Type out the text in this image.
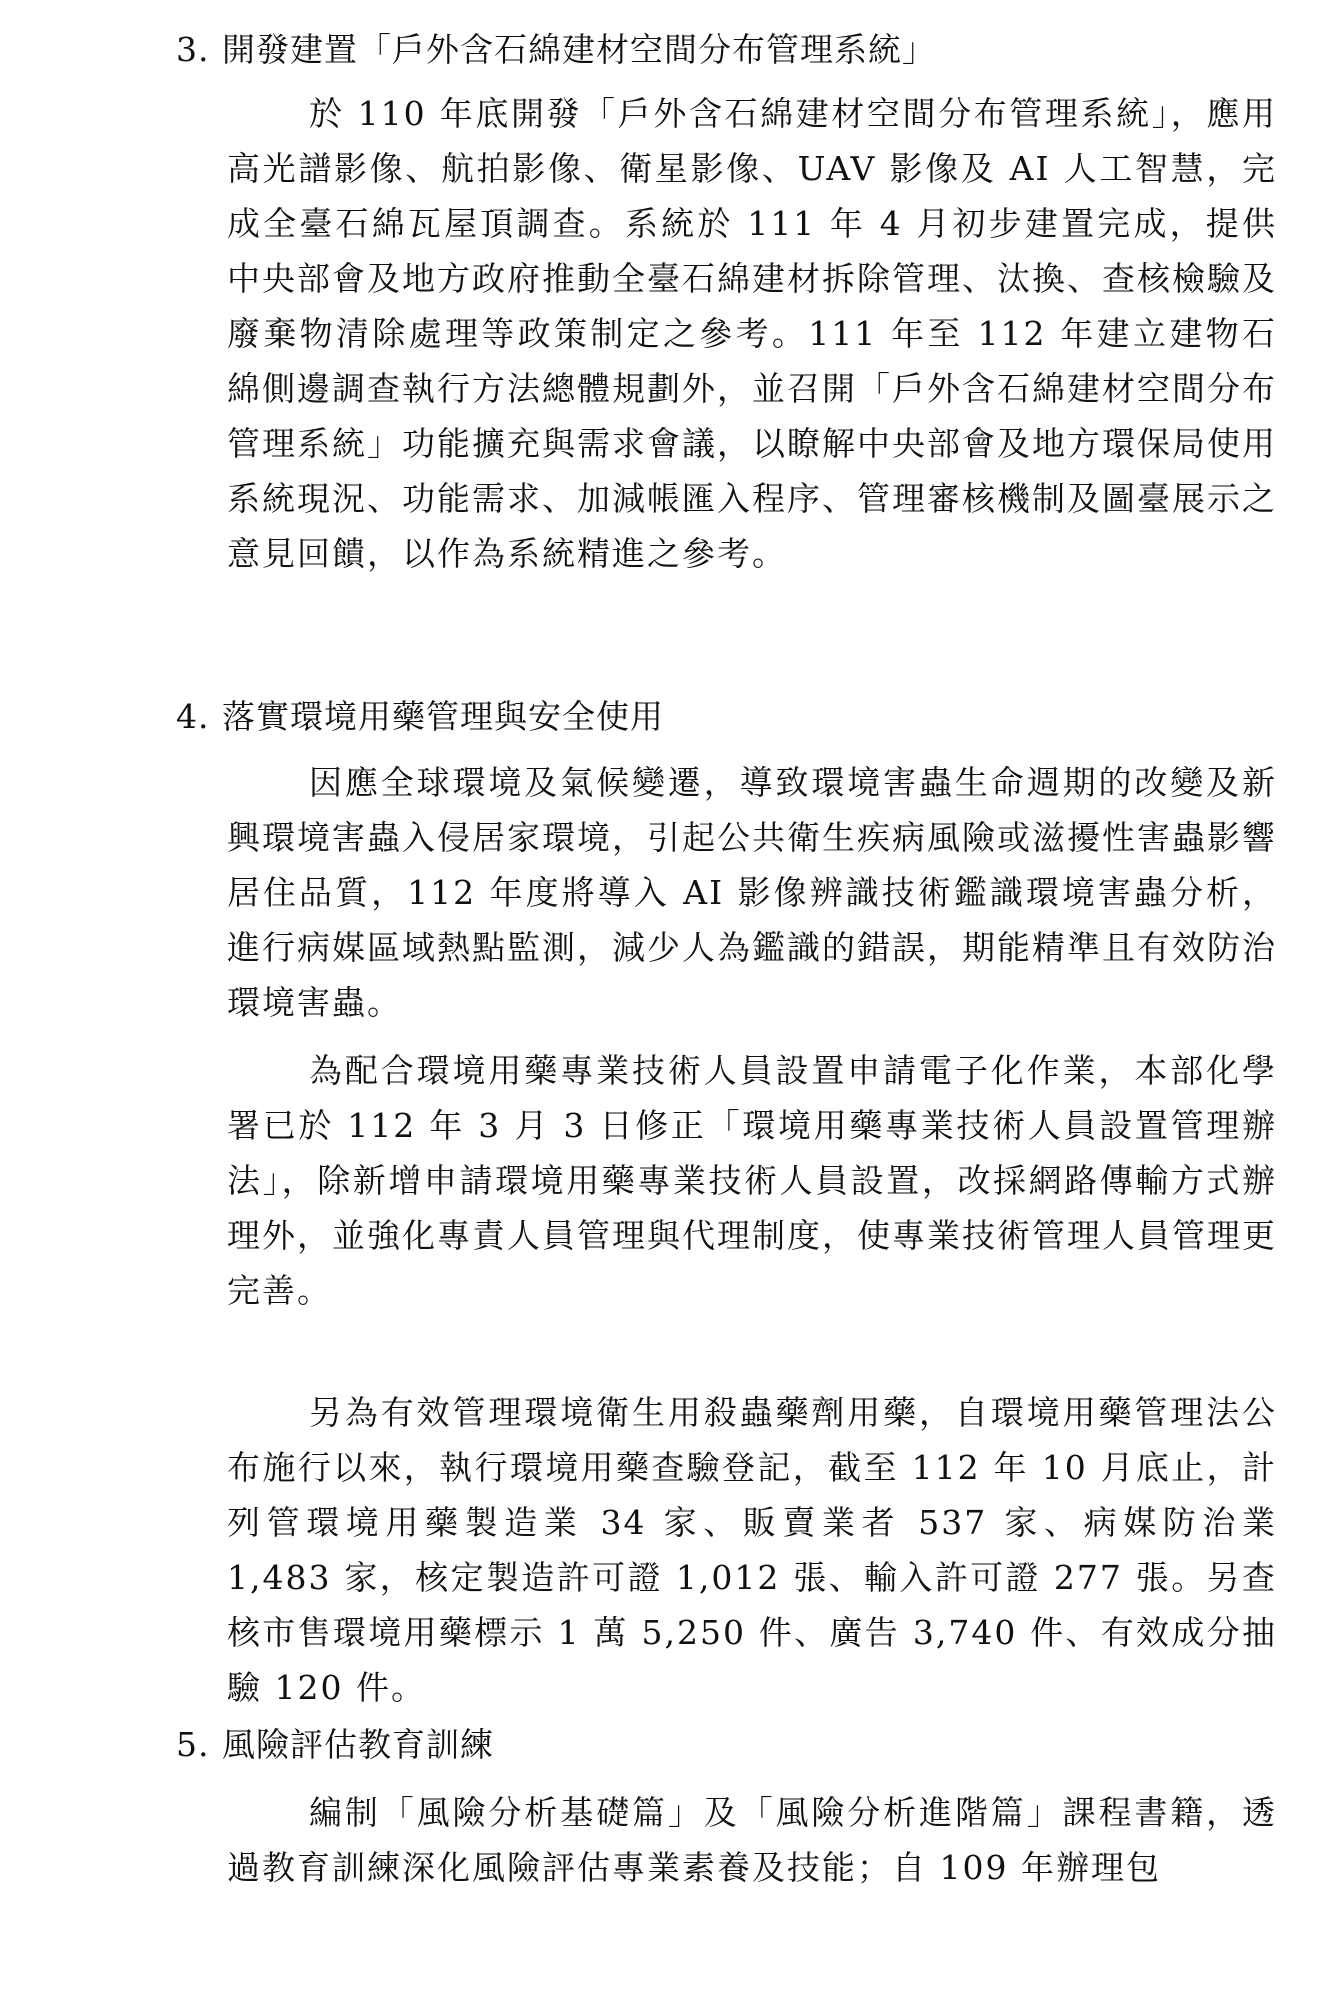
3. 開發建置「戶外含石綿建材空間分布管理系統」

於 110 年底開發「戶外含石綿建材空間分布管理系統」，應用高光譜影像、航拍影像、衛星影像、UAV 影像及 AI 人工智慧，完成全臺石綿瓦屋頂調查。系統於 111 年 4 月初步建置完成，提供中央部會及地方政府推動全臺石綿建材拆除管理、汰換、查核檢驗及廢棄物清除處理等政策制定之參考。111 年至 112 年建立建物石綿側邊調查執行方法總體規劃外，並召開「戶外含石綿建材空間分布管理系統」功能擴充與需求會議，以瞭解中央部會及地方環保局使用系統現況、功能需求、加減帳匯入程序、管理審核機制及圖臺展示之意見回饋，以作為系統精進之參考。

4. 落實環境用藥管理與安全使用

因應全球環境及氣候變遷，導致環境害蟲生命週期的改變及新興環境害蟲入侵居家環境，引起公共衛生疾病風險或滋擾性害蟲影響居住品質，112 年度將導入 AI 影像辨識技術鑑識環境害蟲分析，進行病媒區域熱點監測，減少人為鑑識的錯誤，期能精準且有效防治環境害蟲。

為配合環境用藥專業技術人員設置申請電子化作業，本部化學署已於 112 年 3 月 3 日修正「環境用藥專業技術人員設置管理辦法」，除新增申請環境用藥專業技術人員設置，改採網路傳輸方式辦理外，並強化專責人員管理與代理制度，使專業技術管理人員管理更完善。

另為有效管理環境衛生用殺蟲藥劑用藥，自環境用藥管理法公布施行以來，執行環境用藥查驗登記，截至 112 年 10 月底止，計列管環境用藥製造業 34 家、販賣業者 537 家、病媒防治業 1,483 家，核定製造許可證 1,012 張、輸入許可證 277 張。另查核市售環境用藥標示 1 萬 5,250 件、廣告 3,740 件、有效成分抽驗 120 件。

5. 風險評估教育訓練

編制「風險分析基礎篇」及「風險分析進階篇」課程書籍，透過教育訓練深化風險評估專業素養及技能；自 109 年辦理包
